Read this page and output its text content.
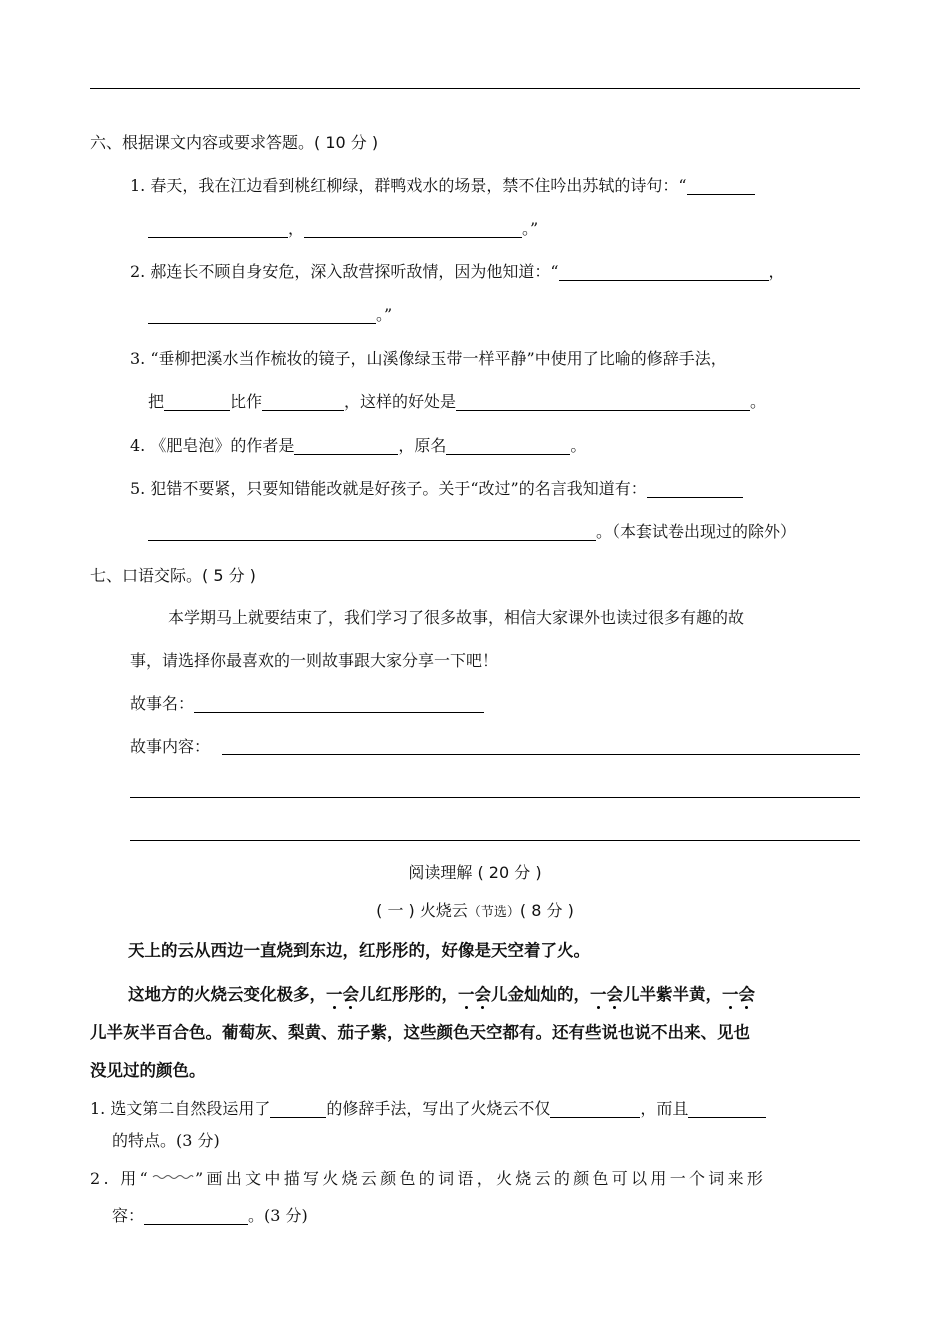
六、根据课文内容或要求答题。( 10 分 )
1. 春天，我在江边看到桃红柳绿，群鸭戏水的场景，禁不住吟出苏轼的诗句：“
，	。”
2. 郝连长不顾自身安危，深入敌营探听敌情，因为他知道：“	，
。”
3. “垂柳把溪水当作梳妆的镜子，山溪像绿玉带一样平静”中使用了比喻的修辞手法，
把	比作	，这样的好处是	。
4. 《肥皂泡》的作者是	，原名	。
5. 犯错不要紧，只要知错能改就是好孩子。关于“改过”的名言我知道有：
。（本套试卷出现过的除外）
七、口语交际。( 5 分 )
本学期马上就要结束了，我们学习了很多故事，相信大家课外也读过很多有趣的故
事，请选择你最喜欢的一则故事跟大家分享一下吧！
故事名：
故事内容：
阅读理解 ( 20 分 )
( 一 ) 火烧云（节选）( 8 分 )
天上的云从西边一直烧到东边，红彤彤的，好像是天空着了火。
这地方的火烧云变化极多，一会儿红彤彤的，一会儿金灿灿的，一会儿半紫半黄，一会
儿半灰半百合色。葡萄灰、梨黄、茄子紫，这些颜色天空都有。还有些说也说不出来、见也
没见过的颜色。
1. 选文第二自然段运用了	的修辞手法，写出了火烧云不仅	，而且
的特点。(3 分)
2. 用“	”画出文中描写火烧云颜色的词语，火烧云的颜色可以用一个词来形
容：	。(3 分)
